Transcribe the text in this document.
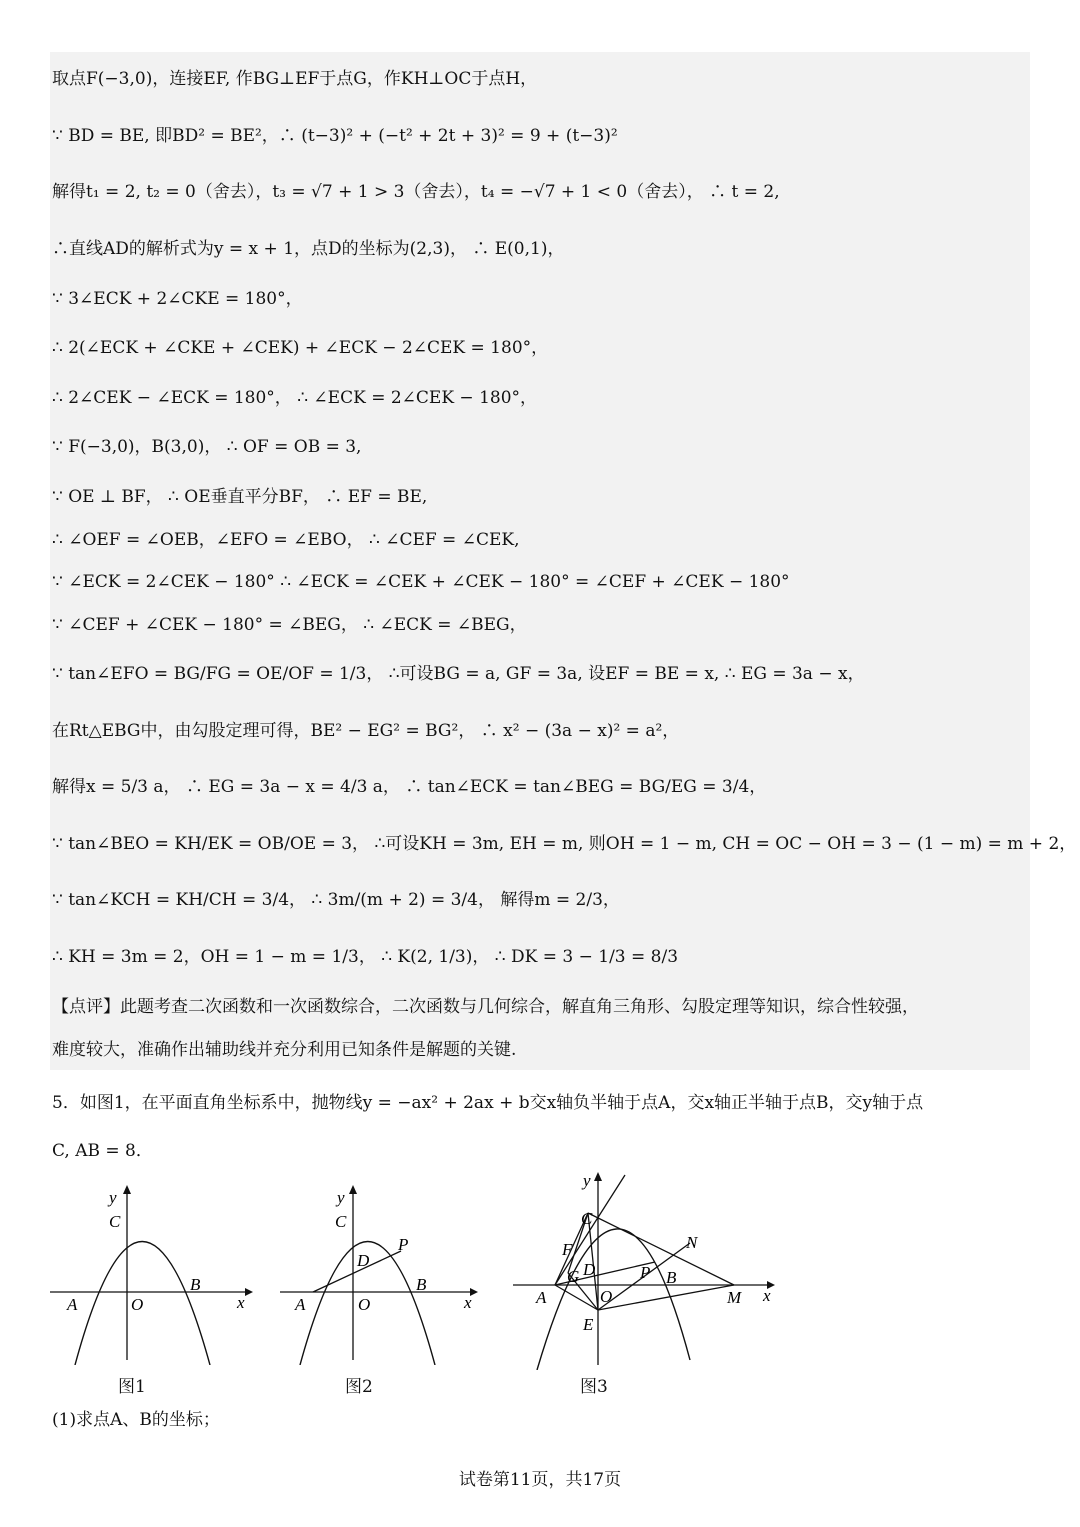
取点F(−3,0)，连接EF, 作BG⊥EF于点G，作KH⊥OC于点H，
∵ BD = BE, 即BD² = BE²，∴ (t−3)² + (−t² + 2t + 3)² = 9 + (t−3)²
解得t₁ = 2, t₂ = 0（舍去），t₃ = √7 + 1 > 3（舍去），t₄ = −√7 + 1 < 0（舍去）， ∴ t = 2,
∴直线AD的解析式为y = x + 1，点D的坐标为(2,3)， ∴ E(0,1)，
∵ 3∠ECK + 2∠CKE = 180°，
∴ 2(∠ECK + ∠CKE + ∠CEK) + ∠ECK − 2∠CEK = 180°，
∴ 2∠CEK − ∠ECK = 180°， ∴ ∠ECK = 2∠CEK − 180°，
∵ F(−3,0)，B(3,0)， ∴ OF = OB = 3,
∵ OE ⊥ BF， ∴ OE垂直平分BF， ∴ EF = BE,
∴ ∠OEF = ∠OEB，∠EFO = ∠EBO， ∴ ∠CEF = ∠CEK,
∵ ∠ECK = 2∠CEK − 180° ∴ ∠ECK = ∠CEK + ∠CEK − 180° = ∠CEF + ∠CEK − 180°
∵ ∠CEF + ∠CEK − 180° = ∠BEG， ∴ ∠ECK = ∠BEG，
∵ tan∠EFO = BG/FG = OE/OF = 1/3， ∴可设BG = a, GF = 3a, 设EF = BE = x, ∴ EG = 3a − x，
在Rt△EBG中，由勾股定理可得，BE² − EG² = BG²， ∴ x² − (3a − x)² = a²，
解得x = 5/3 a， ∴ EG = 3a − x = 4/3 a， ∴ tan∠ECK = tan∠BEG = BG/EG = 3/4，
∵ tan∠BEO = KH/EK = OB/OE = 3， ∴可设KH = 3m, EH = m, 则OH = 1 − m, CH = OC − OH = 3 − (1 − m) = m + 2，
∵ tan∠KCH = KH/CH = 3/4， ∴ 3m/(m + 2) = 3/4， 解得m = 2/3，
∴ KH = 3m = 2，OH = 1 − m = 1/3， ∴ K(2, 1/3)， ∴ DK = 3 − 1/3 = 8/3
【点评】此题考查二次函数和一次函数综合，二次函数与几何综合，解直角三角形、勾股定理等知识，综合性较强，
难度较大，准确作出辅助线并充分利用已知条件是解题的关键.
5．如图1，在平面直角坐标系中，抛物线y = −ax² + 2ax + b交x轴负半轴于点A，交x轴正半轴于点B，交y轴于点
C, AB = 8．
y
x
C
A	O
B
图1
y
x
C
A	O
B
D
P
图2
y
x
C
A	O
B
F
G D	P
N
M
E
图3
(1)求点A、B的坐标；
试卷第11页，共17页
